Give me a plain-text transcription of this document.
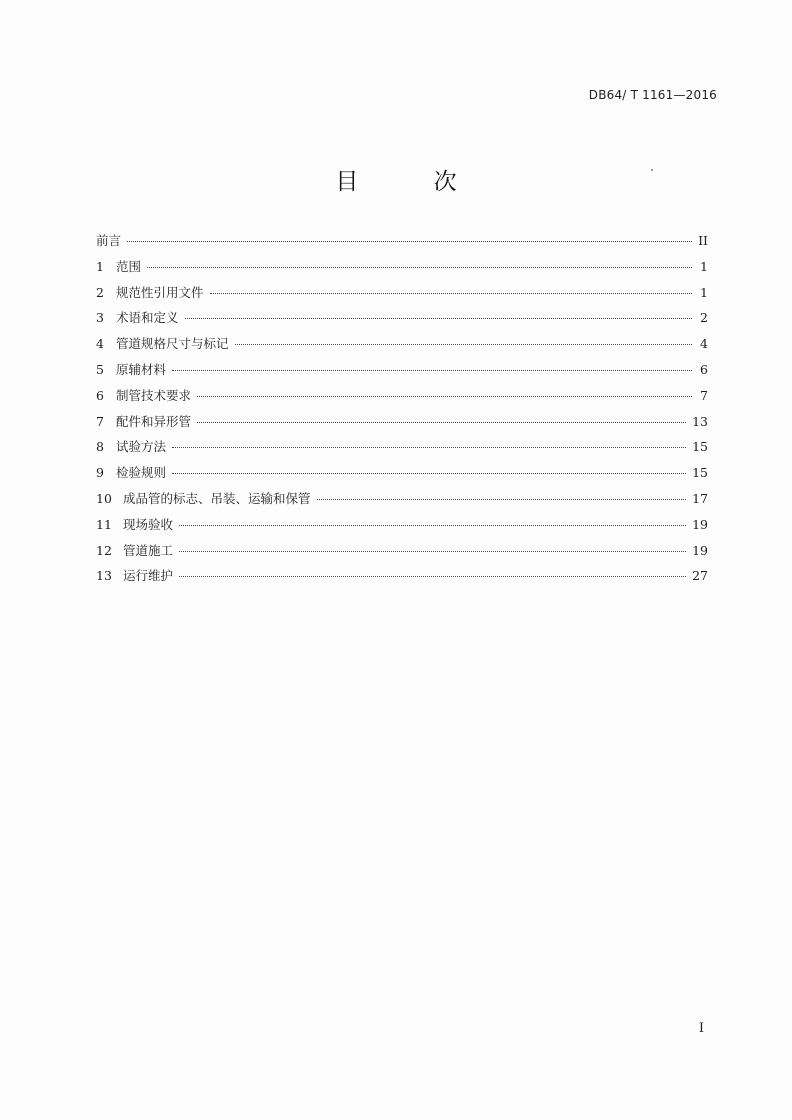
DB64/ T 1161—2016
目 次
前言	II
1 范围	1
2 规范性引用文件	1
3 术语和定义	2
4 管道规格尺寸与标记	4
5 原辅材料	6
6 制管技术要求	7
7 配件和异形管	13
8 试验方法	15
9 检验规则	15
10 成品管的标志、吊装、运输和保管	17
11 现场验收	19
12 管道施工	19
13 运行维护	27
I
